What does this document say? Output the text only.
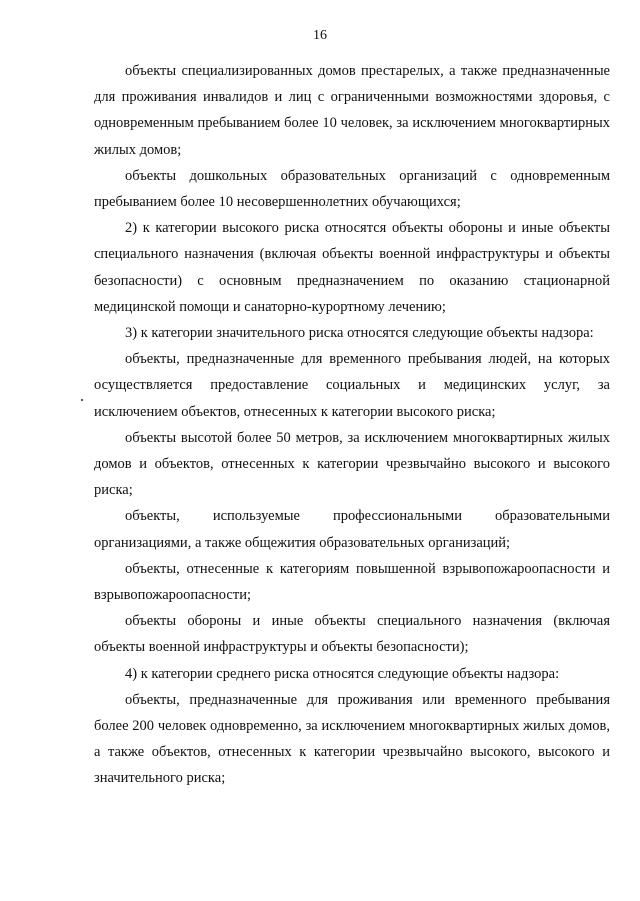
16

объекты специализированных домов престарелых, а также предназначенные для проживания инвалидов и лиц с ограниченными возможностями здоровья, с одновременным пребыванием более 10 человек, за исключением многоквартирных жилых домов;

объекты дошкольных образовательных организаций с одновременным пребыванием более 10 несовершеннолетних обучающихся;

2) к категории высокого риска относятся объекты обороны и иные объекты специального назначения (включая объекты военной инфраструктуры и объекты безопасности) с основным предназначением по оказанию стационарной медицинской помощи и санаторно-курортному лечению;

3) к категории значительного риска относятся следующие объекты надзора:

объекты, предназначенные для временного пребывания людей, на которых осуществляется предоставление социальных и медицинских услуг, за исключением объектов, отнесенных к категории высокого риска;

объекты высотой более 50 метров, за исключением многоквартирных жилых домов и объектов, отнесенных к категории чрезвычайно высокого и высокого риска;

объекты, используемые профессиональными образовательными организациями, а также общежития образовательных организаций;

объекты, отнесенные к категориям повышенной взрывопожароопасности и взрывопожароопасности;

объекты обороны и иные объекты специального назначения (включая объекты военной инфраструктуры и объекты безопасности);

4) к категории среднего риска относятся следующие объекты надзора:

объекты, предназначенные для проживания или временного пребывания более 200 человек одновременно, за исключением многоквартирных жилых домов, а также объектов, отнесенных к категории чрезвычайно высокого, высокого и значительного риска;
